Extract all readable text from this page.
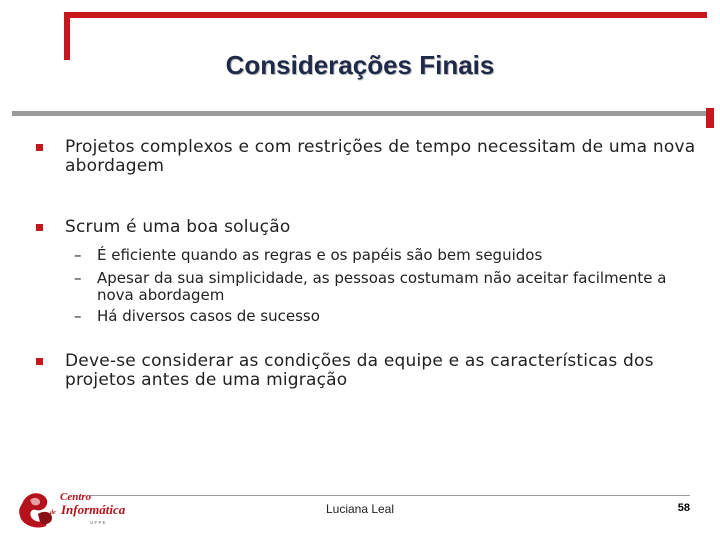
Considerações Finais
Projetos complexos e com restrições de tempo necessitam de uma nova abordagem
Scrum é uma boa solução
– É eficiente quando as regras e os papéis são bem seguidos
– Apesar da sua simplicidade, as pessoas costumam não aceitar facilmente a nova abordagem
– Há diversos casos de sucesso
Deve-se considerar as condições da equipe e as características dos projetos antes de uma migração
Centro
de Informática
U F P E
Luciana Leal	58
